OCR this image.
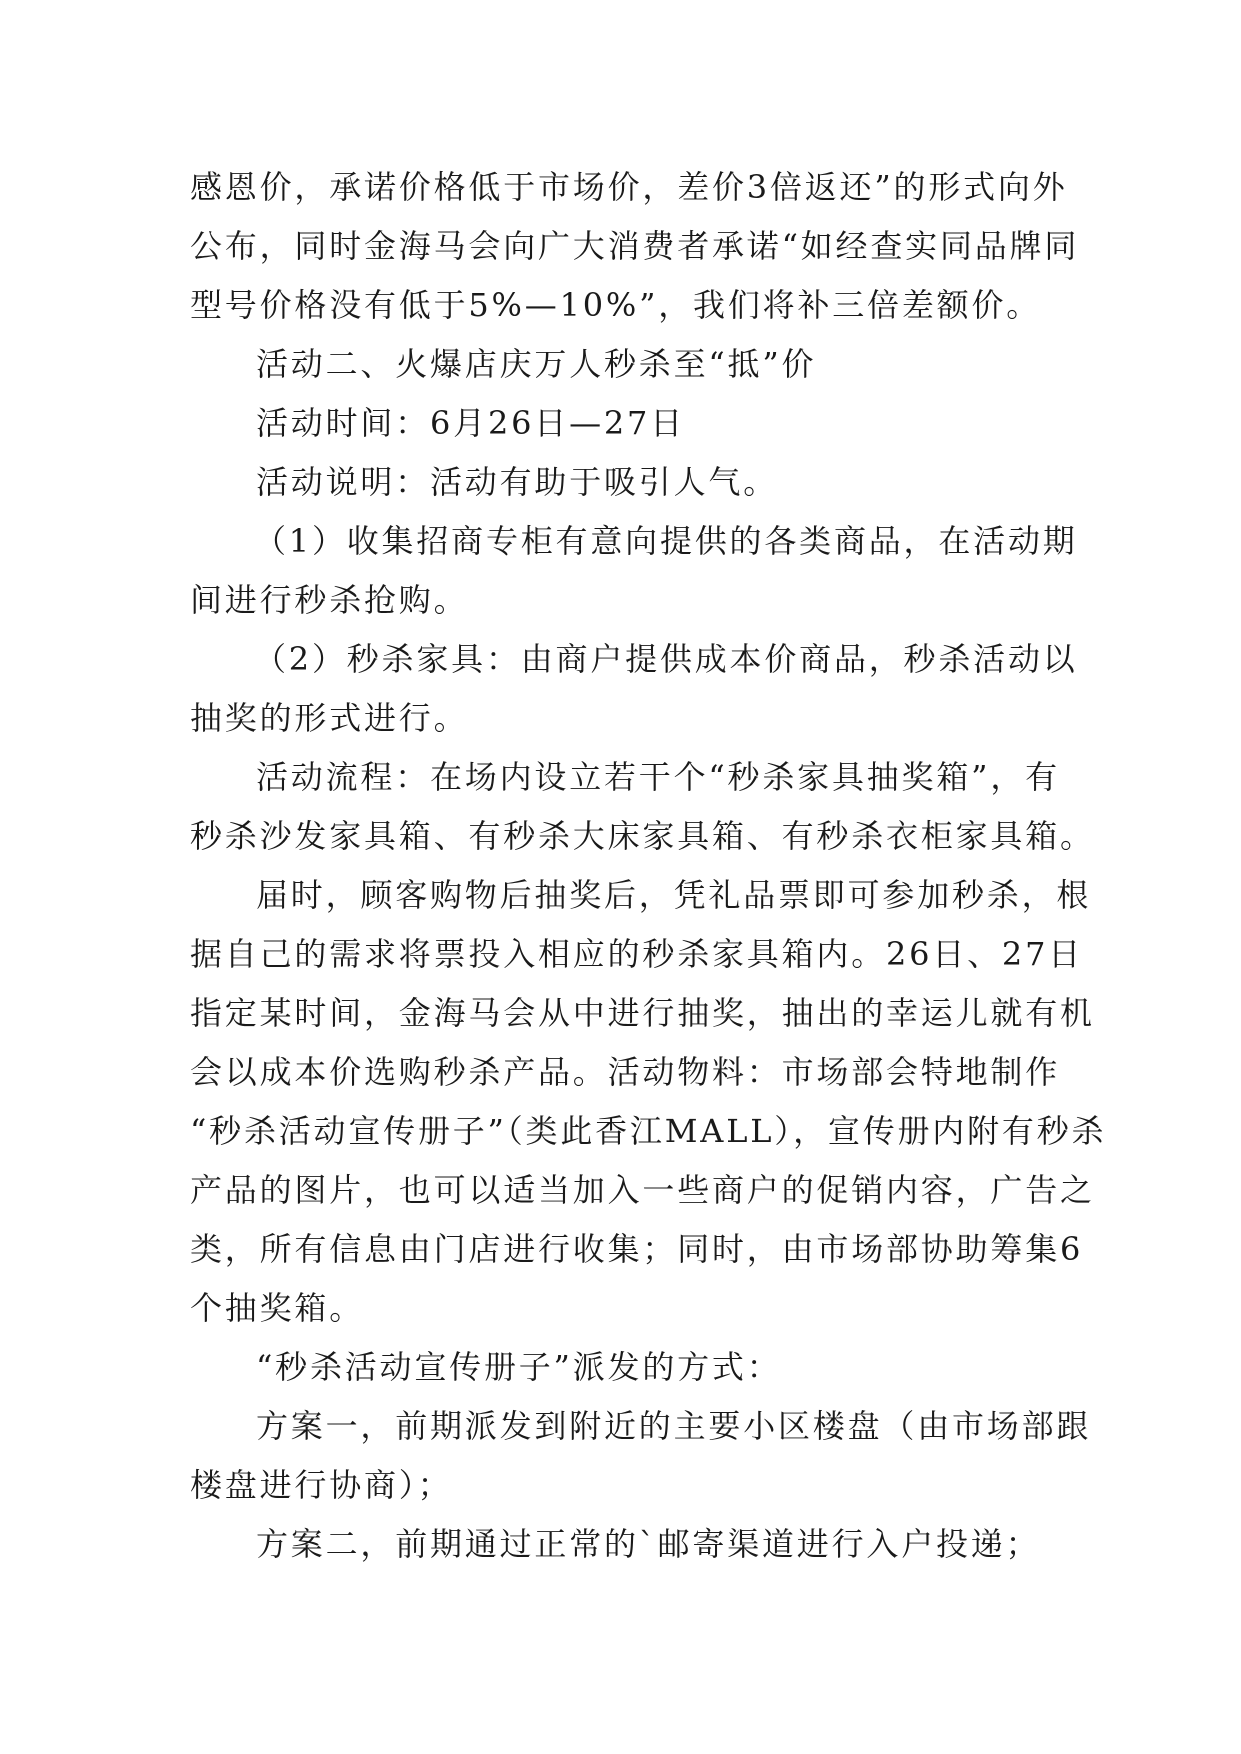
感恩价，承诺价格低于市场价，差价3倍返还”的形式向外
公布，同时金海马会向广大消费者承诺“如经查实同品牌同
型号价格没有低于5%—10%”，我们将补三倍差额价。
活动二、火爆店庆万人秒杀至“抵”价
活动时间：6月26日—27日
活动说明：活动有助于吸引人气。
（1）收集招商专柜有意向提供的各类商品，在活动期
间进行秒杀抢购。
（2）秒杀家具：由商户提供成本价商品，秒杀活动以
抽奖的形式进行。
活动流程：在场内设立若干个“秒杀家具抽奖箱”，有
秒杀沙发家具箱、有秒杀大床家具箱、有秒杀衣柜家具箱。
届时，顾客购物后抽奖后，凭礼品票即可参加秒杀，根
据自己的需求将票投入相应的秒杀家具箱内。26日、27日
指定某时间，金海马会从中进行抽奖，抽出的幸运儿就有机
会以成本价选购秒杀产品。活动物料：市场部会特地制作
“秒杀活动宣传册子”（类此香江MALL），宣传册内附有秒杀
产品的图片，也可以适当加入一些商户的促销内容，广告之
类，所有信息由门店进行收集；同时，由市场部协助筹集6
个抽奖箱。
“秒杀活动宣传册子”派发的方式：
方案一，前期派发到附近的主要小区楼盘（由市场部跟
楼盘进行协商）；
方案二，前期通过正常的`邮寄渠道进行入户投递；
